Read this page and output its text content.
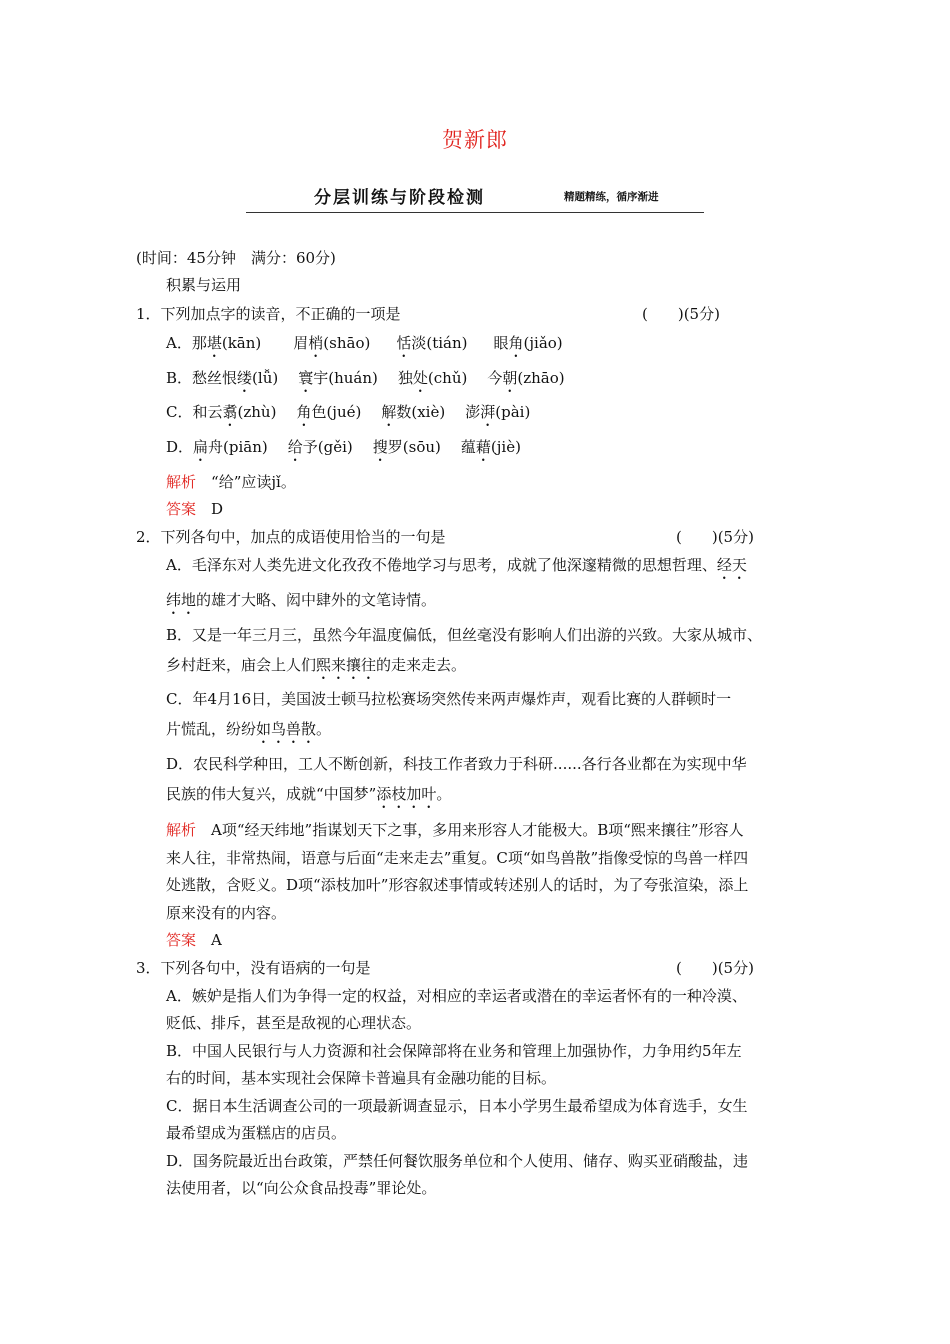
贺新郎
分层训练与阶段检测	精题精练，循序渐进
(时间：45分钟　满分：60分)
积累与运用
1．下列加点字的读音，不正确的一项是	(　　)(5分)
A．那堪(kān) 眉梢(shāo) 恬淡(tián) 眼角(jiǎo)
B．愁丝恨缕(lǚ) 寰宇(huán) 独处(chǔ) 今朝(zhāo)
C．和云翥(zhù) 角色(jué) 解数(xiè) 澎湃(pài)
D．扁舟(piān) 给予(gěi) 搜罗(sōu) 蕴藉(jiè)
解析　 “给”应读jǐ。
答案　 D
2．下列各句中，加点的成语使用恰当的一句是	(　　)(5分)
A．毛泽东对人类先进文化孜孜不倦地学习与思考，成就了他深邃精微的思想哲理、经天
纬地的雄才大略、闳中肆外的文笔诗情。
B．又是一年三月三，虽然今年温度偏低，但丝毫没有影响人们出游的兴致。大家从城市、
乡村赶来，庙会上人们熙来攘往的走来走去。
C．年4月16日，美国波士顿马拉松赛场突然传来两声爆炸声，观看比赛的人群顿时一
片慌乱，纷纷如鸟兽散。
D．农民科学种田，工人不断创新，科技工作者致力于科研......各行各业都在为实现中华
民族的伟大复兴，成就“中国梦”添枝加叶。
解析　 A项“经天纬地”指谋划天下之事，多用来形容人才能极大。B项“熙来攘往”形容人
来人往，非常热闹，语意与后面“走来走去”重复。C项“如鸟兽散”指像受惊的鸟兽一样四
处逃散，含贬义。D项“添枝加叶”形容叙述事情或转述别人的话时，为了夸张渲染，添上
原来没有的内容。
答案　 A
3．下列各句中，没有语病的一句是	(　　)(5分)
A．嫉妒是指人们为争得一定的权益，对相应的幸运者或潜在的幸运者怀有的一种冷漠、
贬低、排斥，甚至是敌视的心理状态。
B．中国人民银行与人力资源和社会保障部将在业务和管理上加强协作，力争用约5年左
右的时间，基本实现社会保障卡普遍具有金融功能的目标。
C．据日本生活调查公司的一项最新调查显示，日本小学男生最希望成为体育选手，女生
最希望成为蛋糕店的店员。
D．国务院最近出台政策，严禁任何餐饮服务单位和个人使用、储存、购买亚硝酸盐，违
法使用者，以“向公众食品投毒”罪论处。
